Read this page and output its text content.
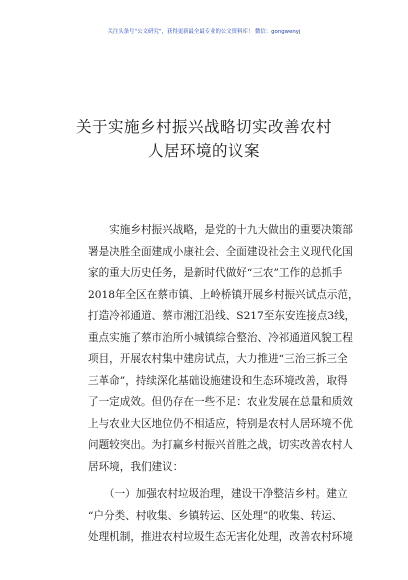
关注头条号“公文研究”，获得更新最全最专业的公文资料库！ 微信：gongwenyj
关于实施乡村振兴战略切实改善农村
人居环境的议案
　　实施乡村振兴战略，是党的十九大做出的重要决策部
署是决胜全面建成小康社会、全面建设社会主义现代化国
家的重大历史任务，是新时代做好“三农”工作的总抓手
2018年全区在蔡市镇、上岭桥镇开展乡村振兴试点示范，
打造冷祁通道、蔡市湘江沿线、S217至东安连接点3线，
重点实施了蔡市治所小城镇综合整治、冷祁通道风貌工程
项目，开展农村集中建房试点，大力推进“三治三拆三全
三革命”，持续深化基础设施建设和生态环境改善，取得
了一定成效。但仍存在一些不足：农业发展在总量和质效
上与农业大区地位仍不相适应，特别是农村人居环境不优
问题较突出。为打赢乡村振兴首胜之战，切实改善农村人
居环境，我们建议：
　　（一）加强农村垃圾治理，建设干净整洁乡村。建立
“户分类、村收集、乡镇转运、区处理”的收集、转运、
处理机制，推进农村垃圾生态无害化处理，改善农村环境
